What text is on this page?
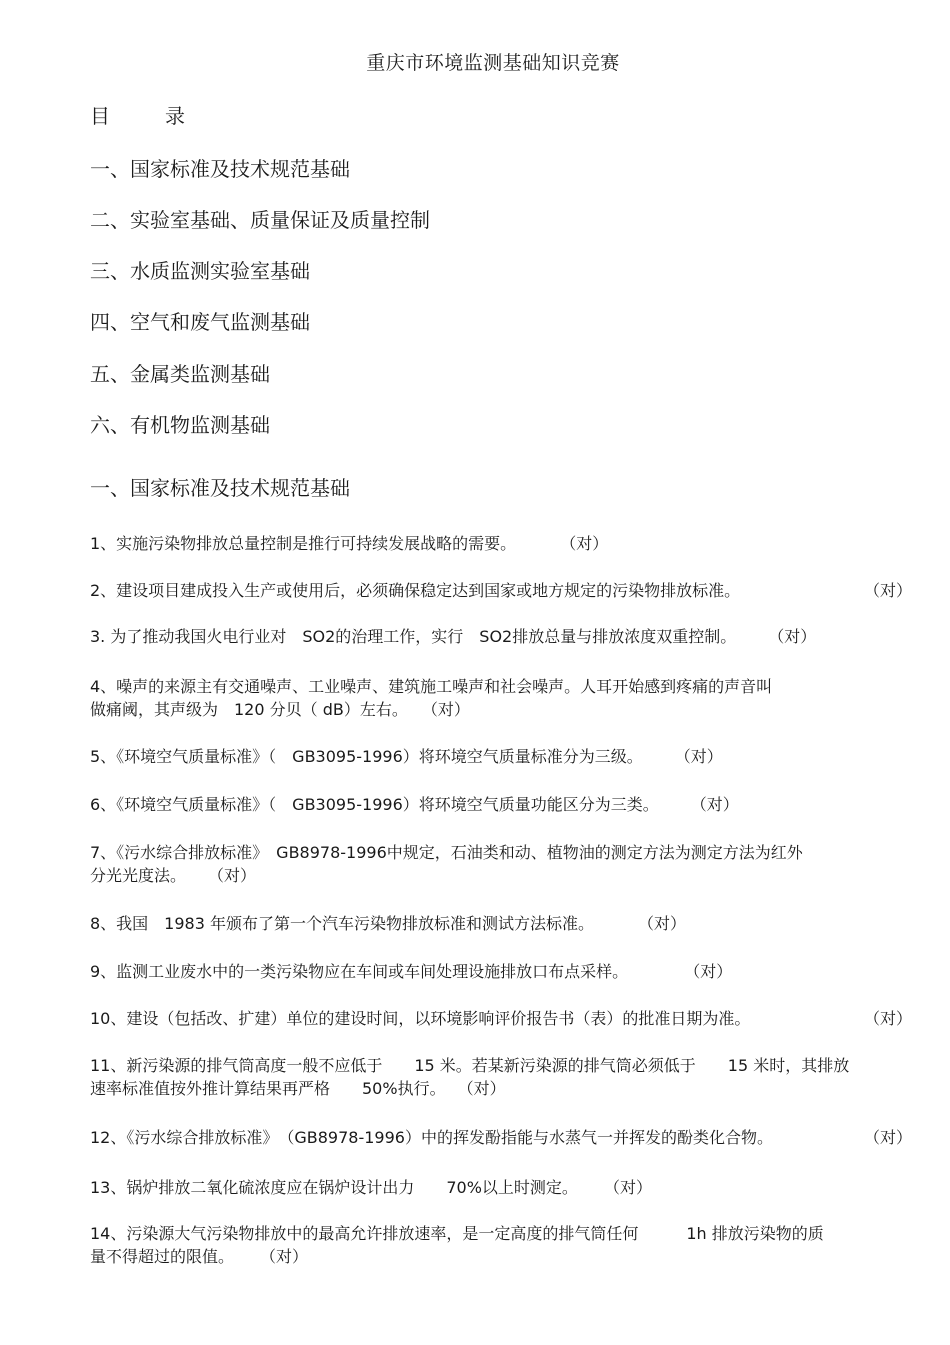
重庆市环境监测基础知识竞赛
目	录
一、国家标准及技术规范基础
二、实验室基础、质量保证及质量控制
三、水质监测实验室基础
四、空气和废气监测基础
五、金属类监测基础
六、有机物监测基础
一、国家标准及技术规范基础
1、实施污染物排放总量控制是推行可持续发展战略的需要。	（对）
2、建设项目建成投入生产或使用后，必须确保稳定达到国家或地方规定的污染物排放标准。	（对）
3. 为了推动我国火电行业对　SO2的治理工作，实行　SO2排放总量与排放浓度双重控制。 （对）
4、噪声的来源主有交通噪声、工业噪声、建筑施工噪声和社会噪声。人耳开始感到疼痛的声音叫
做痛阈，其声级为　120 分贝（ dB）左右。 （对）
5、《环境空气质量标准》（　GB3095-1996）将环境空气质量标准分为三级。 （对）
6、《环境空气质量标准》（　GB3095-1996）将环境空气质量功能区分为三类。 （对）
7、《污水综合排放标准》　GB8978-1996中规定，石油类和动、植物油的测定方法为测定方法为红外
分光光度法。 （对）
8、我国　1983 年颁布了第一个汽车污染物排放标准和测试方法标准。	（对）
9、监测工业废水中的一类污染物应在车间或车间处理设施排放口布点采样。	（对）
10、建设（包括改、扩建）单位的建设时间，以环境影响评价报告书（表）的批准日期为准。	（对）
11、新污染源的排气筒高度一般不应低于　　15 米。若某新污染源的排气筒必须低于　　15 米时，其排放
速率标准值按外推计算结果再严格　　50%执行。 （对）
12、《污水综合排放标准》　（GB8978-1996）中的挥发酚指能与水蒸气一并挥发的酚类化合物。	（对）
13、锅炉排放二氧化硫浓度应在锅炉设计出力　　70%以上时测定。 （对）
14、污染源大气污染物排放中的最高允许排放速率，是一定高度的排气筒任何　　　1h 排放污染物的质
量不得超过的限值。 （对）
